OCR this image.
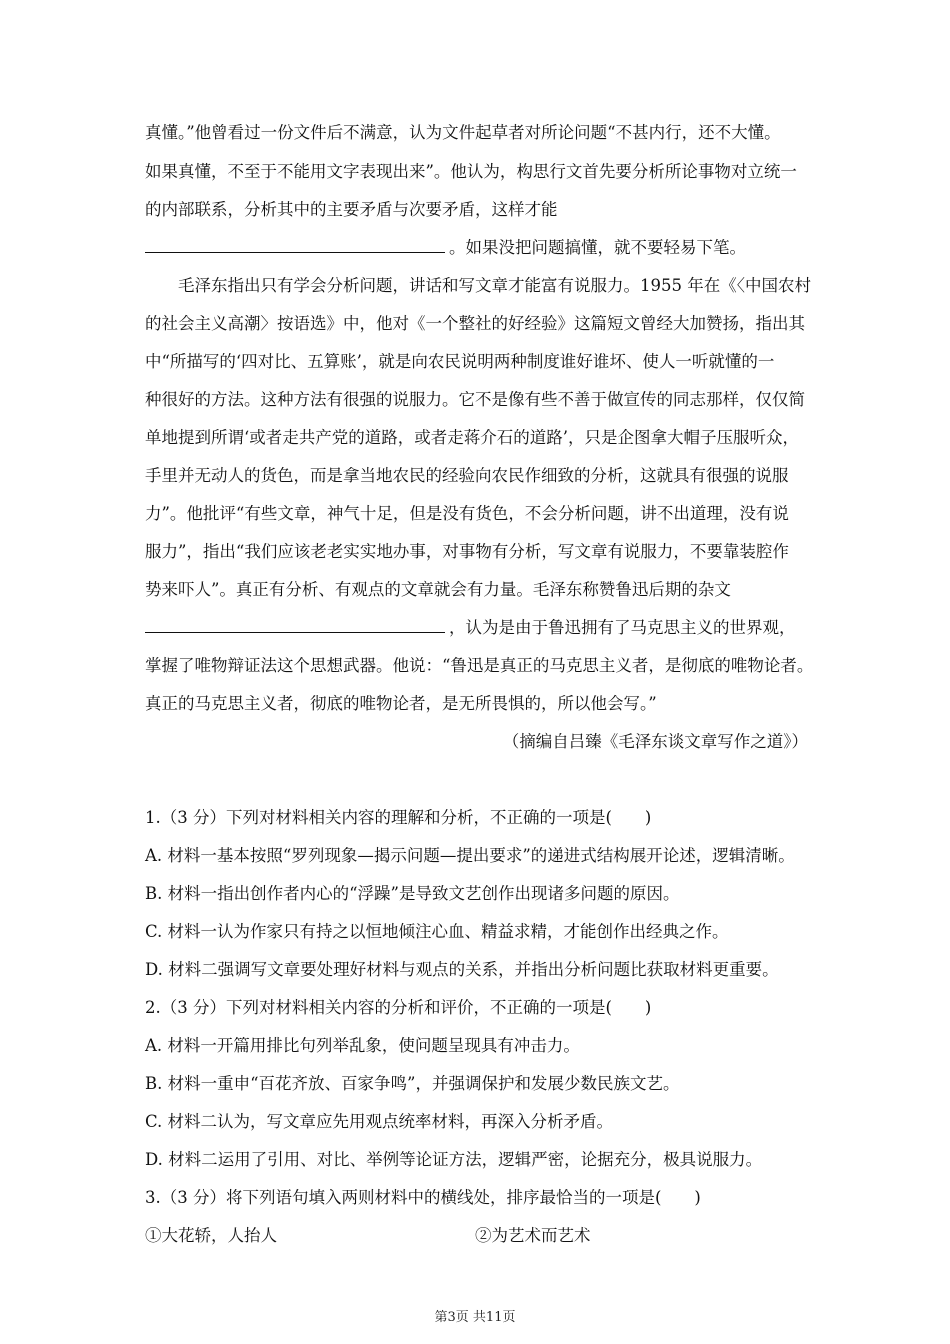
真懂。”他曾看过一份文件后不满意，认为文件起草者对所论问题“不甚内行，还不大懂。
如果真懂，不至于不能用文字表现出来”。他认为，构思行文首先要分析所论事物对立统一
的内部联系，分析其中的主要矛盾与次要矛盾，这样才能
。如果没把问题搞懂，就不要轻易下笔。
毛泽东指出只有学会分析问题，讲话和写文章才能富有说服力。1955 年在《〈中国农村
的社会主义高潮〉按语选》中，他对《一个整社的好经验》这篇短文曾经大加赞扬，指出其
中“所描写的‘四对比、五算账’，就是向农民说明两种制度谁好谁坏、使人一听就懂的一
种很好的方法。这种方法有很强的说服力。它不是像有些不善于做宣传的同志那样，仅仅简
单地提到所谓‘或者走共产党的道路，或者走蒋介石的道路’，只是企图拿大帽子压服听众，
手里并无动人的货色，而是拿当地农民的经验向农民作细致的分析，这就具有很强的说服
力”。他批评“有些文章，神气十足，但是没有货色，不会分析问题，讲不出道理，没有说
服力”，指出“我们应该老老实实地办事，对事物有分析，写文章有说服力，不要靠装腔作
势来吓人”。真正有分析、有观点的文章就会有力量。毛泽东称赞鲁迅后期的杂文
，认为是由于鲁迅拥有了马克思主义的世界观，
掌握了唯物辩证法这个思想武器。他说：“鲁迅是真正的马克思主义者，是彻底的唯物论者。
真正的马克思主义者，彻底的唯物论者，是无所畏惧的，所以他会写。”
（摘编自吕臻《毛泽东谈文章写作之道》）
1.（3 分）下列对材料相关内容的理解和分析，不正确的一项是(　　)
A. 材料一基本按照“罗列现象—揭示问题—提出要求”的递进式结构展开论述，逻辑清晰。
B. 材料一指出创作者内心的“浮躁”是导致文艺创作出现诸多问题的原因。
C. 材料一认为作家只有持之以恒地倾注心血、精益求精，才能创作出经典之作。
D. 材料二强调写文章要处理好材料与观点的关系，并指出分析问题比获取材料更重要。
2.（3 分）下列对材料相关内容的分析和评价，不正确的一项是(　　)
A. 材料一开篇用排比句列举乱象，使问题呈现具有冲击力。
B. 材料一重申“百花齐放、百家争鸣”，并强调保护和发展少数民族文艺。
C. 材料二认为，写文章应先用观点统率材料，再深入分析矛盾。
D. 材料二运用了引用、对比、举例等论证方法，逻辑严密，论据充分，极具说服力。
3.（3 分）将下列语句填入两则材料中的横线处，排序最恰当的一项是(　　)
①大花轿，人抬人	②为艺术而艺术
第3页 共11页
